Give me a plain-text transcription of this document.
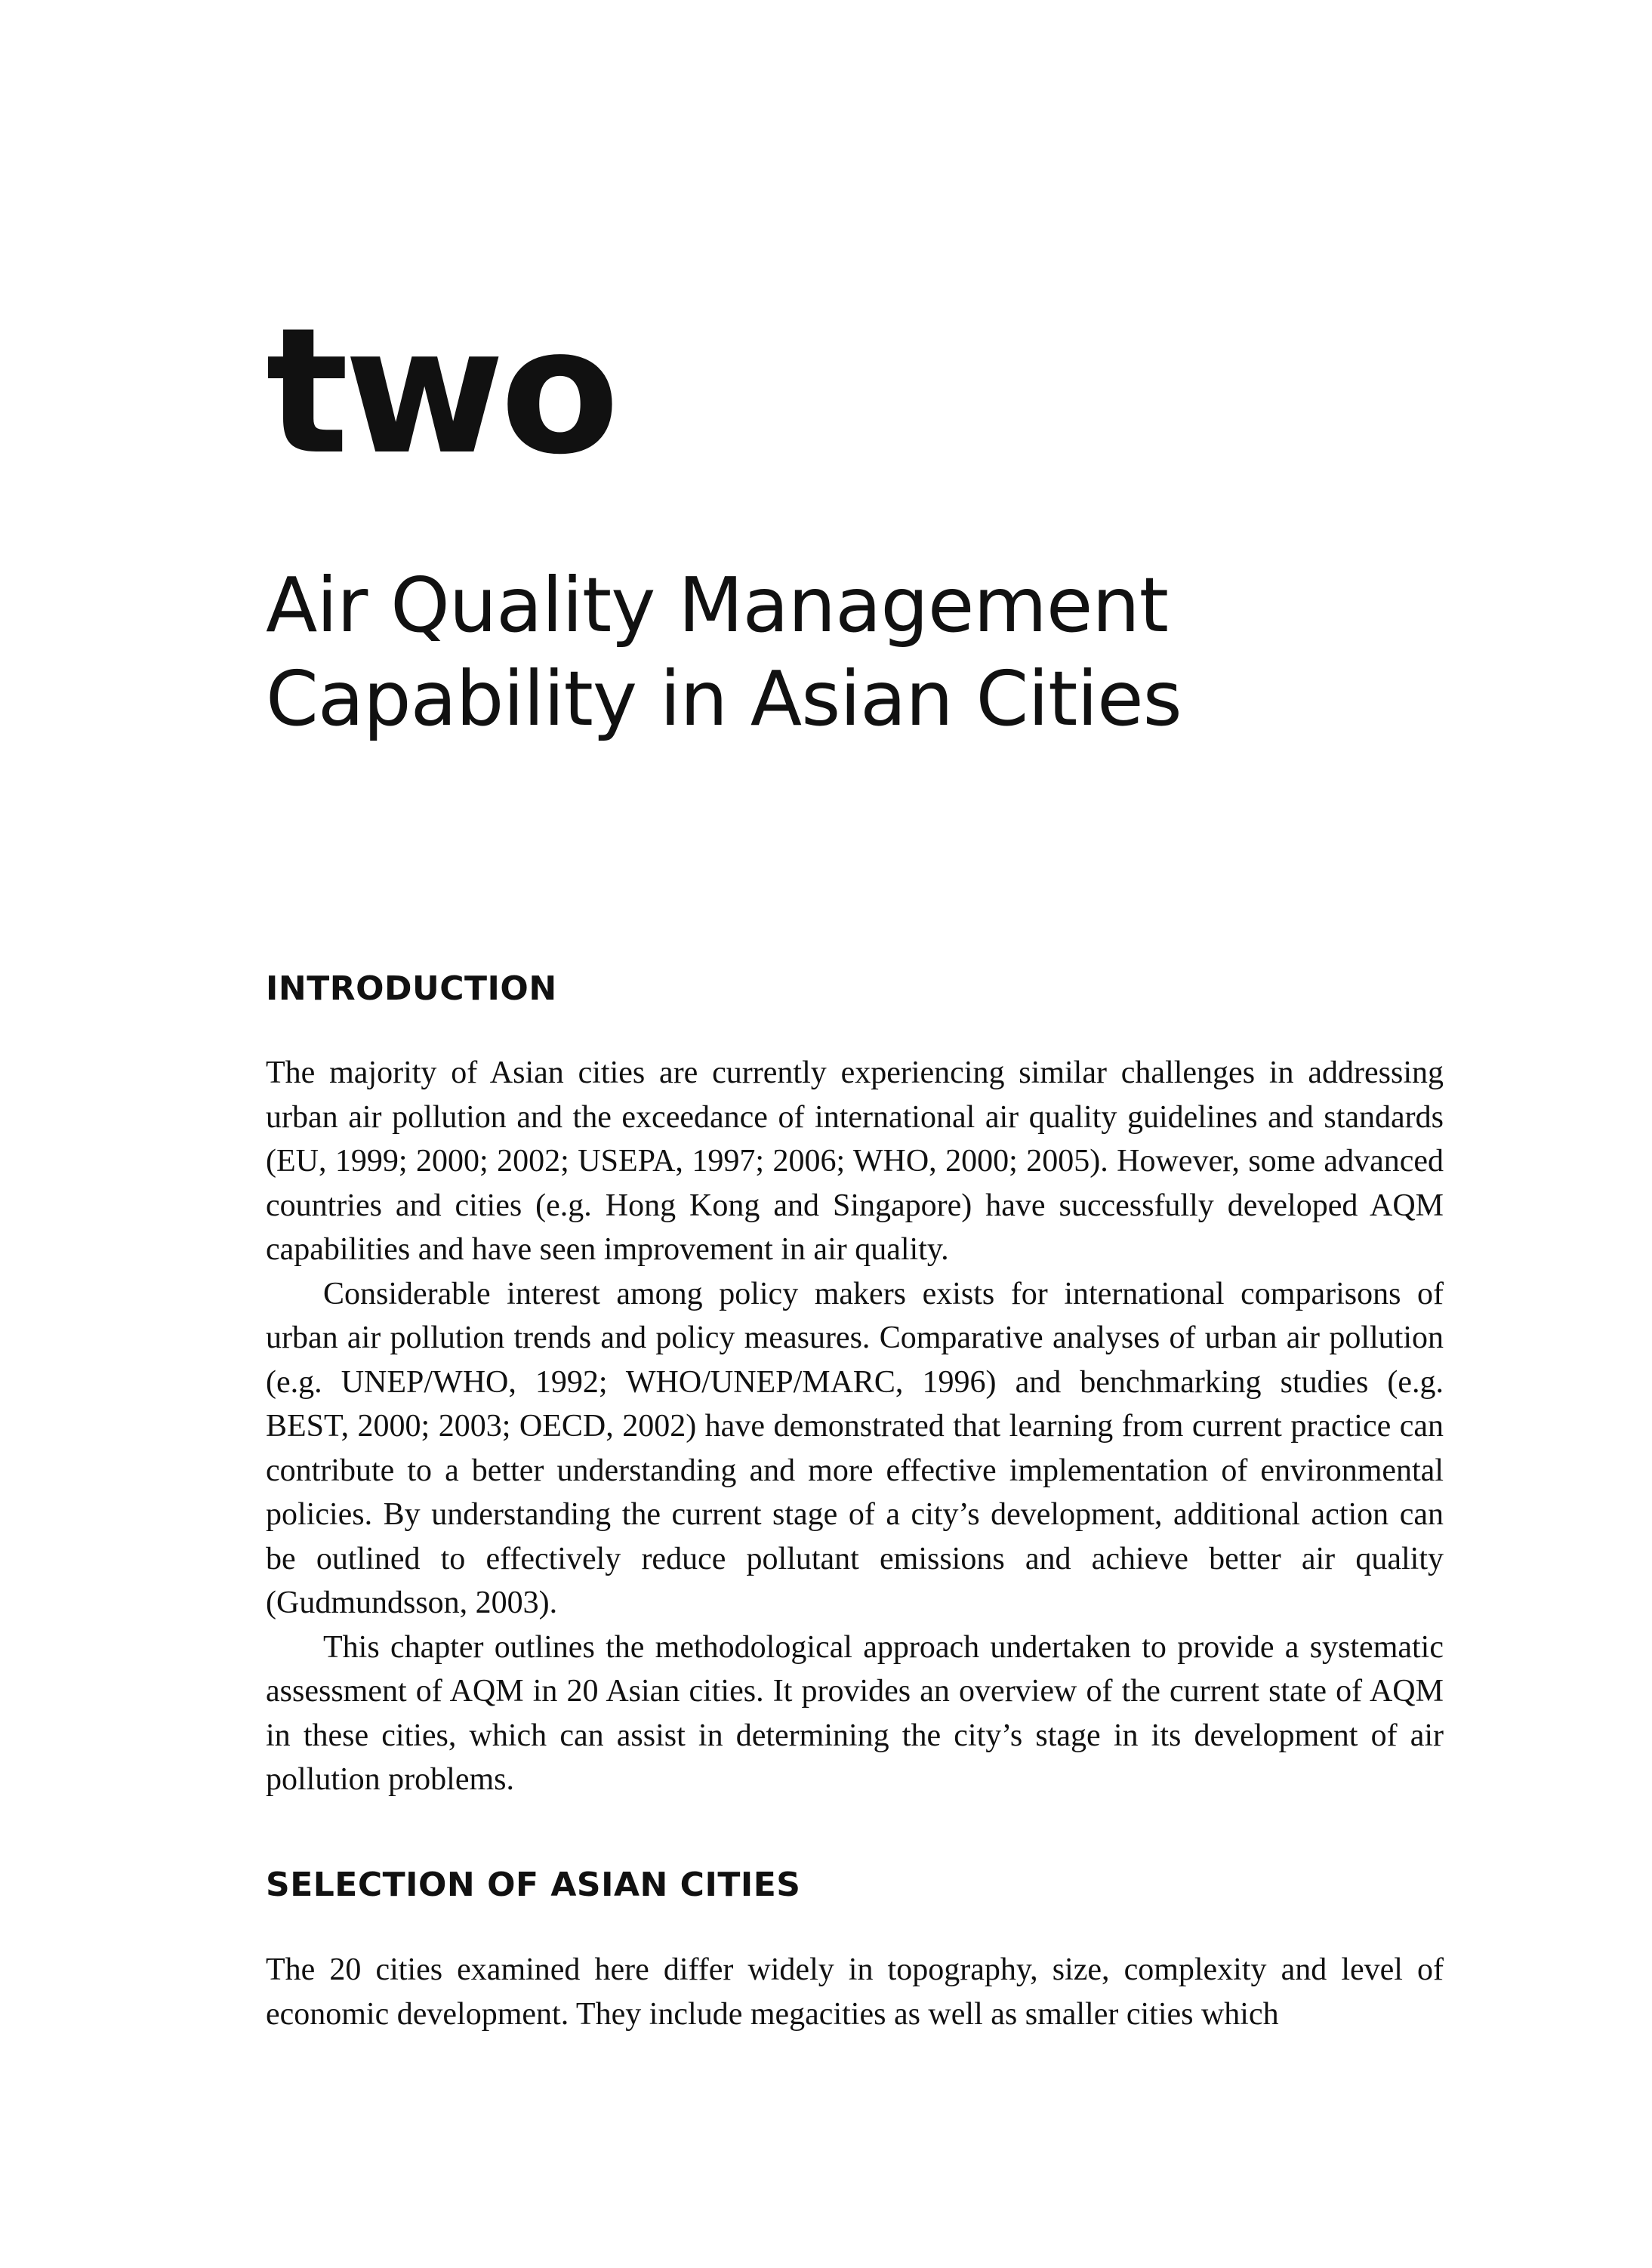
two
Air Quality Management
Capability in Asian Cities
INTRODUCTION

The majority of Asian cities are currently experiencing similar challenges in addressing urban air pollution and the exceedance of international air quality guidelines and standards (EU, 1999; 2000; 2002; USEPA, 1997; 2006; WHO, 2000; 2005). However, some advanced countries and cities (e.g. Hong Kong and Singapore) have successfully developed AQM capabilities and have seen improvement in air quality.

Considerable interest among policy makers exists for international comparisons of urban air pollution trends and policy measures. Comparative analyses of urban air pollution (e.g. UNEP/WHO, 1992; WHO/UNEP/MARC, 1996) and benchmarking studies (e.g. BEST, 2000; 2003; OECD, 2002) have demonstrated that learning from current practice can contribute to a better understanding and more effective implementation of environmental policies. By understanding the current stage of a city’s development, additional action can be outlined to effectively reduce pollutant emissions and achieve better air quality (Gudmundsson, 2003).

This chapter outlines the methodological approach undertaken to provide a systematic assessment of AQM in 20 Asian cities. It provides an overview of the current state of AQM in these cities, which can assist in determining the city’s stage in its development of air pollution problems.

SELECTION OF ASIAN CITIES

The 20 cities examined here differ widely in topography, size, complexity and level of economic development. They include megacities as well as smaller cities which
